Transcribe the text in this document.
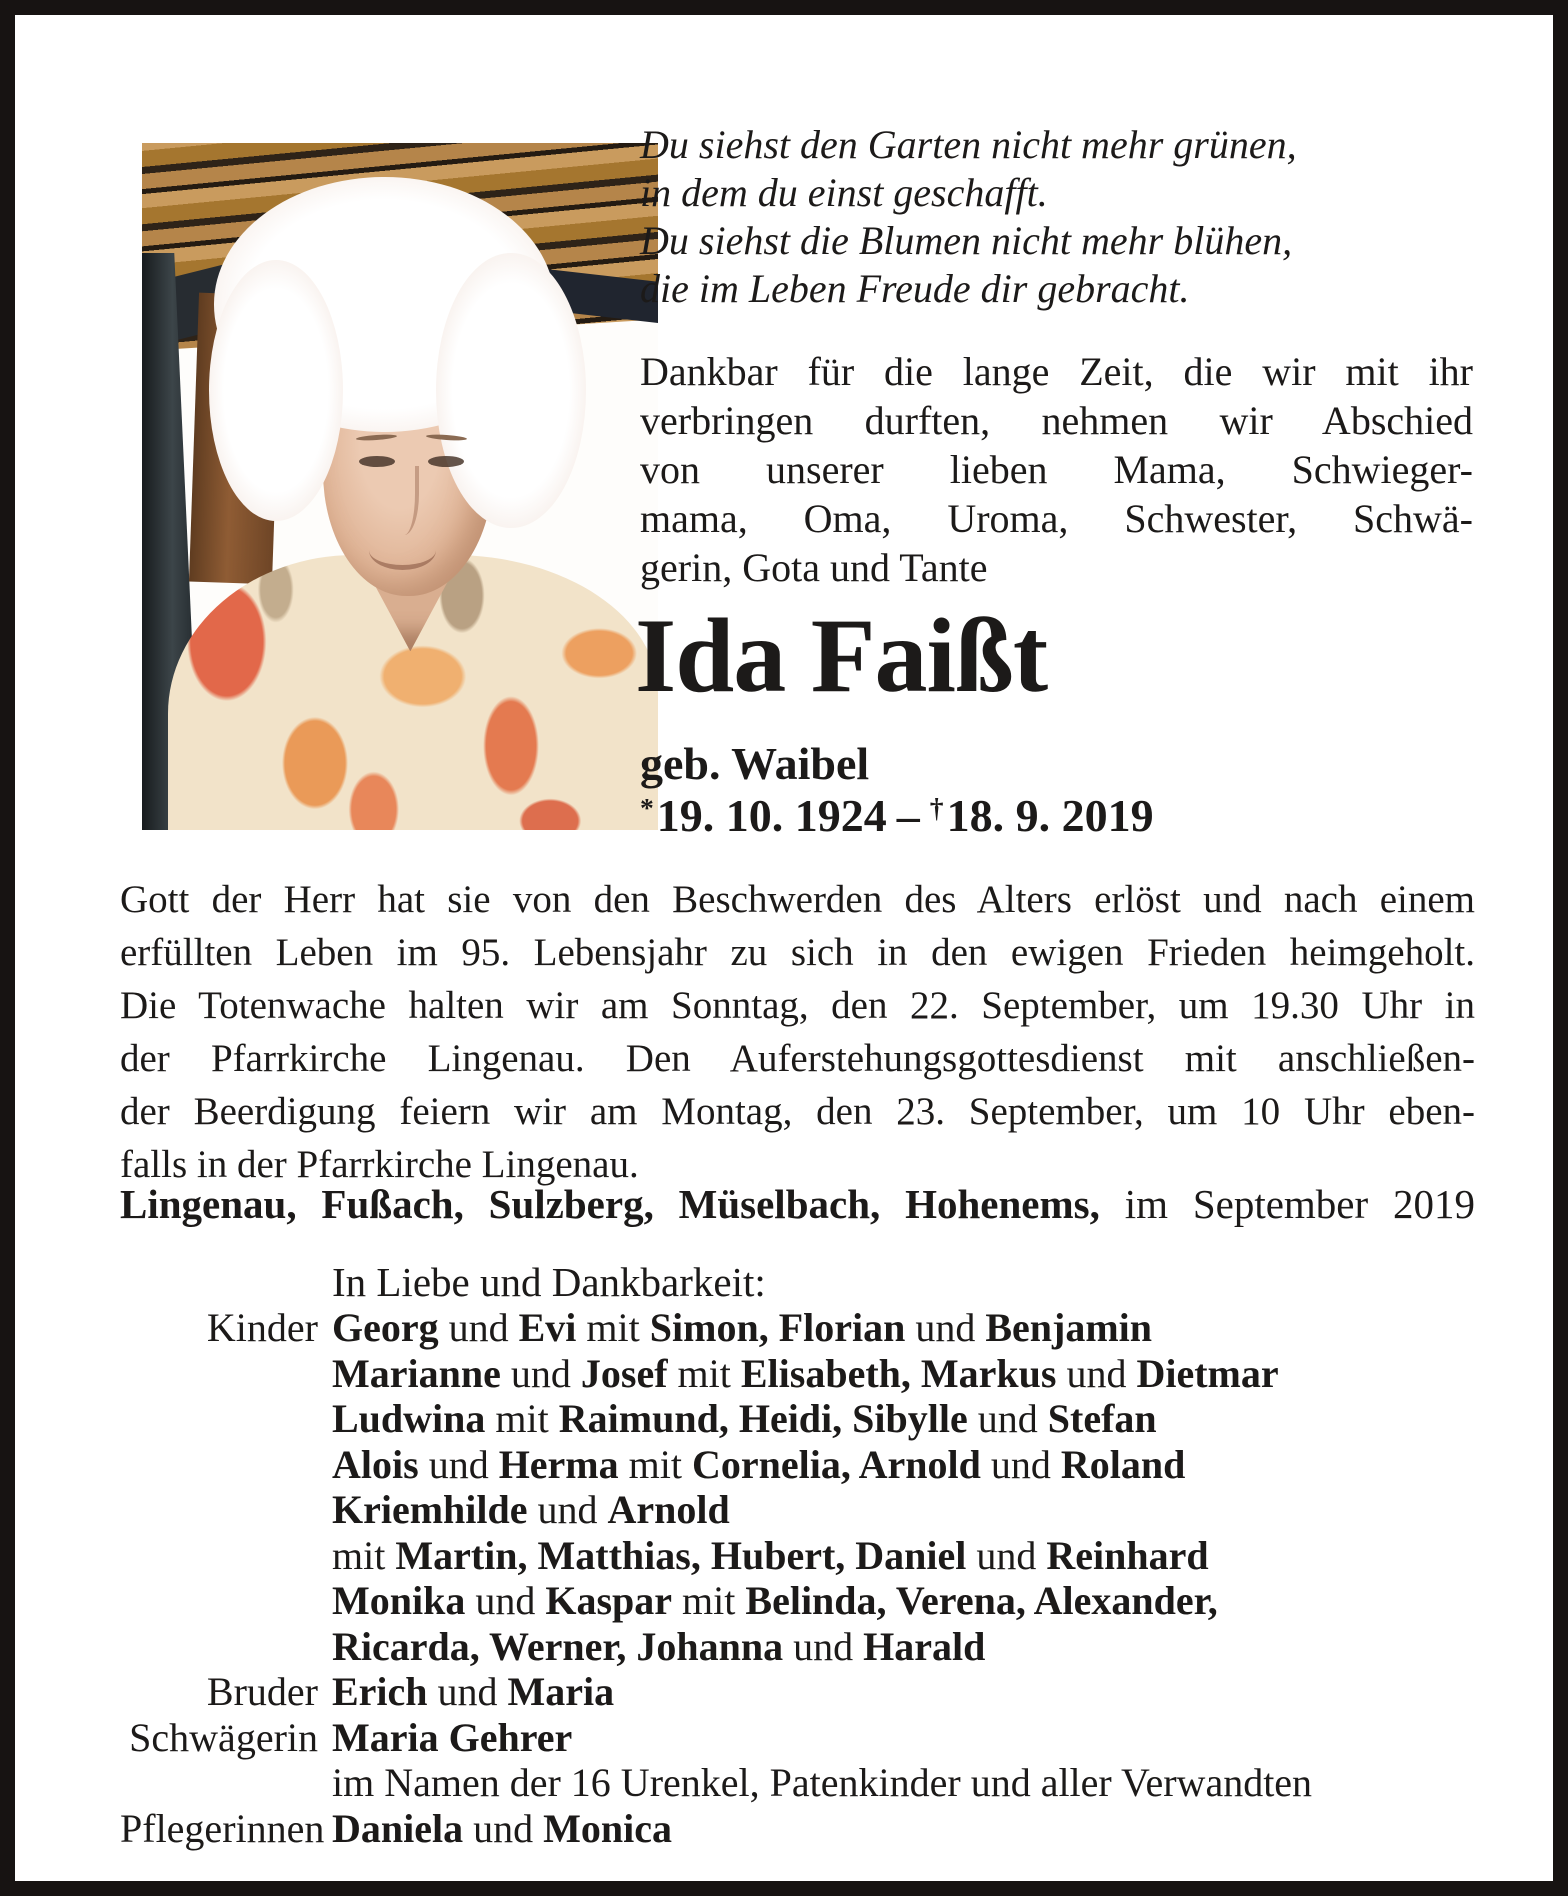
Du siehst den Garten nicht mehr grünen,
in dem du einst geschafft.
Du siehst die Blumen nicht mehr blühen,
die im Leben Freude dir gebracht.
Dankbar für die lange Zeit, die wir mit ihr
verbringen durften, nehmen wir Abschied
von unserer lieben Mama, Schwieger-
mama, Oma, Uroma, Schwester, Schwä-
gerin, Gota und Tante
Ida Faißt
geb. Waibel
*19. 10. 1924 – †18. 9. 2019
Gott der Herr hat sie von den Beschwerden des Alters erlöst und nach einem
erfüllten Leben im 95. Lebensjahr zu sich in den ewigen Frieden heimgeholt.
Die Totenwache halten wir am Sonntag, den 22. September, um 19.30 Uhr in
der Pfarrkirche Lingenau. Den Auferstehungsgottesdienst mit anschließen-
der Beerdigung feiern wir am Montag, den 23. September, um 10 Uhr eben-
falls in der Pfarrkirche Lingenau.
Lingenau, Fußach, Sulzberg, Müselbach, Hohenems, im September 2019
In Liebe und Dankbarkeit:
Kinder Georg und Evi mit Simon, Florian und Benjamin
Marianne und Josef mit Elisabeth, Markus und Dietmar
Ludwina mit Raimund, Heidi, Sibylle und Stefan
Alois und Herma mit Cornelia, Arnold und Roland
Kriemhilde und Arnold
mit Martin, Matthias, Hubert, Daniel und Reinhard
Monika und Kaspar mit Belinda, Verena, Alexander,
Ricarda, Werner, Johanna und Harald
Bruder Erich und Maria
Schwägerin Maria Gehrer
im Namen der 16 Urenkel, Patenkinder und aller Verwandten
Pflegerinnen Daniela und Monica
